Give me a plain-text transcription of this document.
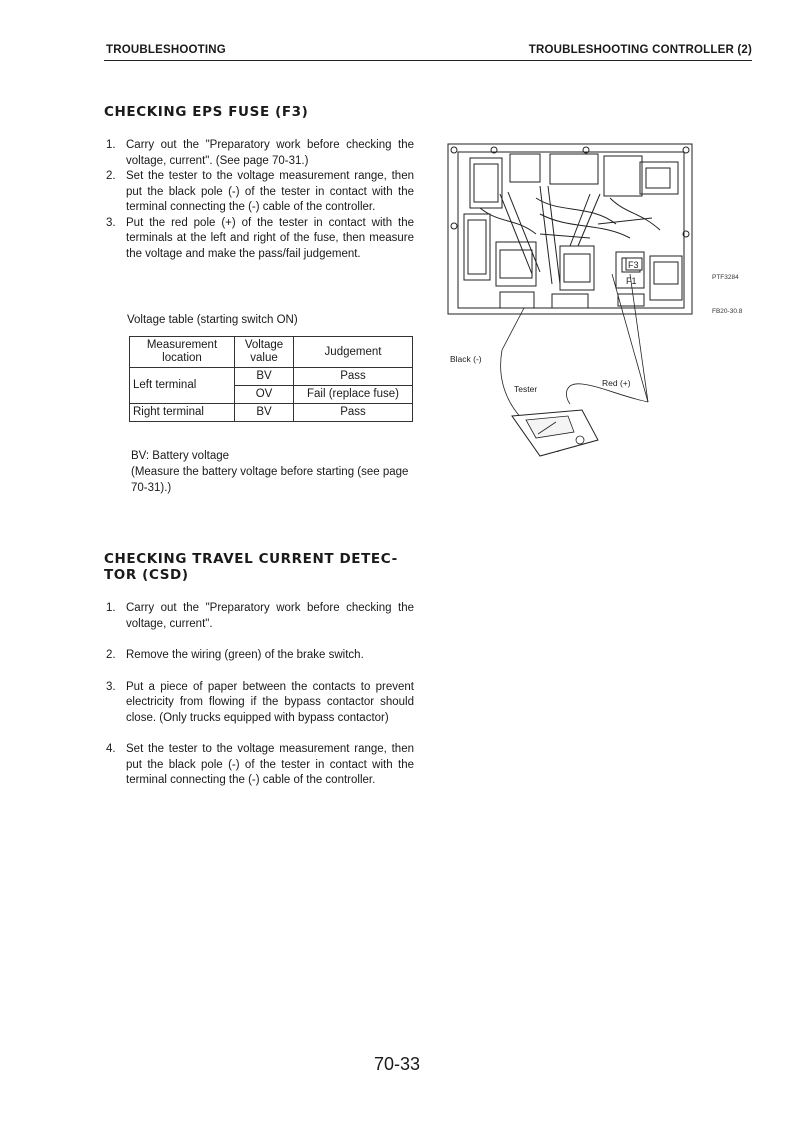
TROUBLESHOOTING	TROUBLESHOOTING CONTROLLER (2)
CHECKING EPS FUSE (F3)
1. Carry out the "Preparatory work before checking the voltage, current". (See page 70-31.)
2. Set the tester to the voltage measurement range, then put the black pole (-) of the tester in contact with the terminal connecting the (-) cable of the controller.
3. Put the red pole (+) of the tester in contact with the terminals at the left and right of the fuse, then measure the voltage and make the pass/fail judgement.
Voltage table (starting switch ON)
Measurement location	Voltage value	Judgement
Left terminal	BV	Pass
	OV	Fail (replace fuse)
Right terminal	BV	Pass
BV: Battery voltage
(Measure the battery voltage before starting (see page 70-31).)
F3
F1	PTF3284
FB20-30.8
Black (-)
Red (+)
Tester
CHECKING TRAVEL CURRENT DETEC-
TOR (CSD)
1. Carry out the "Preparatory work before checking the voltage, current".
2. Remove the wiring (green) of the brake switch.
3. Put a piece of paper between the contacts to prevent electricity from flowing if the bypass contactor should close. (Only trucks equipped with bypass contactor)
4. Set the tester to the voltage measurement range, then put the black pole (-) of the tester in contact with the terminal connecting the (-) cable of the controller.
70-33
